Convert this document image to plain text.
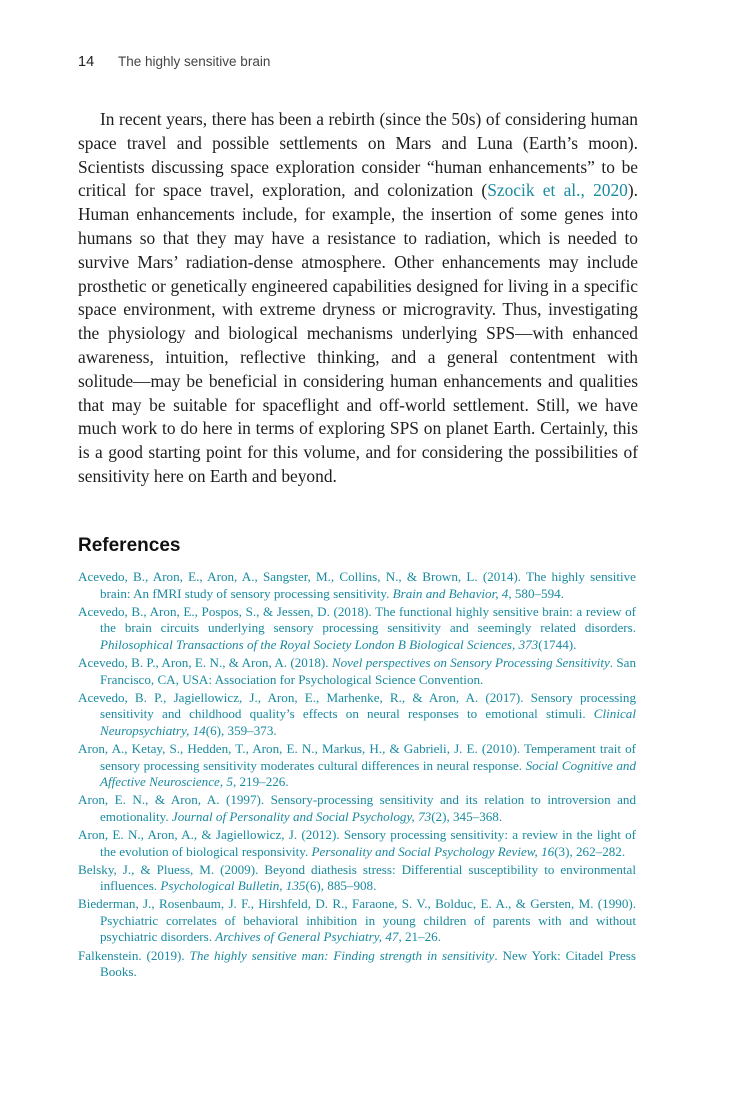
14 The highly sensitive brain

In recent years, there has been a rebirth (since the 50s) of considering human space travel and possible settlements on Mars and Luna (Earth’s moon). Scientists discussing space exploration consider “human enhancements” to be critical for space travel, exploration, and colonization (Szocik et al., 2020). Human enhancements include, for example, the insertion of some genes into humans so that they may have a resistance to radiation, which is needed to survive Mars’ radiation-dense atmosphere. Other enhancements may include prosthetic or genetically engineered capabilities designed for living in a specific space environment, with extreme dryness or microgravity. Thus, investigating the physiology and biological mechanisms underlying SPS—with enhanced awareness, intuition, reflective thinking, and a general contentment with solitude—may be beneficial in considering human enhancements and qualities that may be suitable for spaceflight and off-world settlement. Still, we have much work to do here in terms of exploring SPS on planet Earth. Certainly, this is a good starting point for this volume, and for considering the possibilities of sensitivity here on Earth and beyond.

References
Acevedo, B., Aron, E., Aron, A., Sangster, M., Collins, N., & Brown, L. (2014). The highly sensitive brain: An fMRI study of sensory processing sensitivity. Brain and Behavior, 4, 580–594.
Acevedo, B., Aron, E., Pospos, S., & Jessen, D. (2018). The functional highly sensitive brain: a review of the brain circuits underlying sensory processing sensitivity and seemingly related disorders. Philosophical Transactions of the Royal Society London B Biological Sciences, 373(1744).
Acevedo, B. P., Aron, E. N., & Aron, A. (2018). Novel perspectives on Sensory Processing Sensitivity. San Francisco, CA, USA: Association for Psychological Science Convention.
Acevedo, B. P., Jagiellowicz, J., Aron, E., Marhenke, R., & Aron, A. (2017). Sensory processing sensitivity and childhood quality’s effects on neural responses to emotional stimuli. Clinical Neuropsychiatry, 14(6), 359–373.
Aron, A., Ketay, S., Hedden, T., Aron, E. N., Markus, H., & Gabrieli, J. E. (2010). Temperament trait of sensory processing sensitivity moderates cultural differences in neural response. Social Cognitive and Affective Neuroscience, 5, 219–226.
Aron, E. N., & Aron, A. (1997). Sensory-processing sensitivity and its relation to introversion and emotionality. Journal of Personality and Social Psychology, 73(2), 345–368.
Aron, E. N., Aron, A., & Jagiellowicz, J. (2012). Sensory processing sensitivity: a review in the light of the evolution of biological responsivity. Personality and Social Psychology Review, 16(3), 262–282.
Belsky, J., & Pluess, M. (2009). Beyond diathesis stress: Differential susceptibility to environmental influences. Psychological Bulletin, 135(6), 885–908.
Biederman, J., Rosenbaum, J. F., Hirshfeld, D. R., Faraone, S. V., Bolduc, E. A., & Gersten, M. (1990). Psychiatric correlates of behavioral inhibition in young children of parents with and without psychiatric disorders. Archives of General Psychiatry, 47, 21–26.
Falkenstein. (2019). The highly sensitive man: Finding strength in sensitivity. New York: Citadel Press Books.
